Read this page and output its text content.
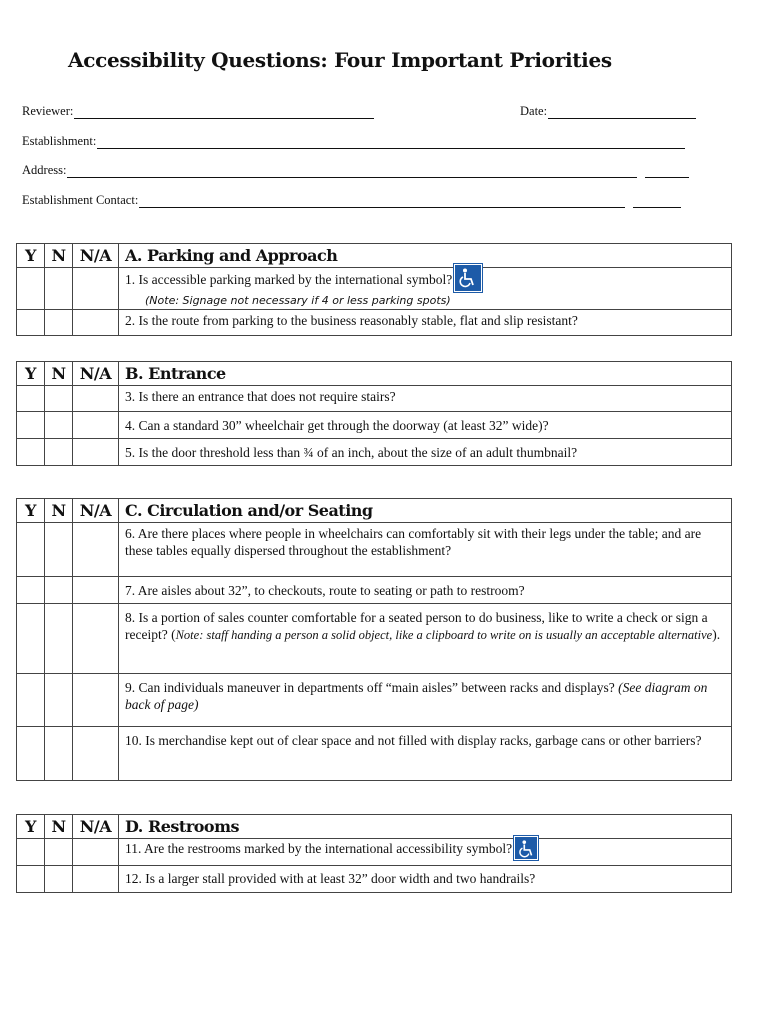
Accessibility Questions: Four Important Priorities
Reviewer:	Date:
Establishment:
Address:
Establishment Contact:
Y	N	N/A	A. Parking and Approach
			1. Is accessible parking marked by the international symbol?

(Note: Signage not necessary if 4 or less parking spots)
			2. Is the route from parking to the business reasonably stable, flat and slip resistant?
Y	N	N/A	B. Entrance
			3. Is there an entrance that does not require stairs?
			4. Can a standard 30” wheelchair get through the doorway (at least 32” wide)?
			5. Is the door threshold less than ¾ of an inch, about the size of an adult thumbnail?
Y	N	N/A	C. Circulation and/or Seating
			6. Are there places where people in wheelchairs can comfortably sit with their legs under the table; and are these tables equally dispersed throughout the establishment?
			7. Are aisles about 32”, to checkouts, route to seating or path to restroom?
			8. Is a portion of sales counter comfortable for a seated person to do business, like to write a check or sign a receipt? (Note: staff handing a person a solid object, like a clipboard to write on is usually an acceptable alternative).
			9. Can individuals maneuver in departments off “main aisles” between racks and displays? (See diagram on back of page)
			10. Is merchandise kept out of clear space and not filled with display racks, garbage cans or other barriers?
Y	N	N/A	D. Restrooms
			11. Are the restrooms marked by the international accessibility symbol?

			12. Is a larger stall provided with at least 32” door width and two handrails?
